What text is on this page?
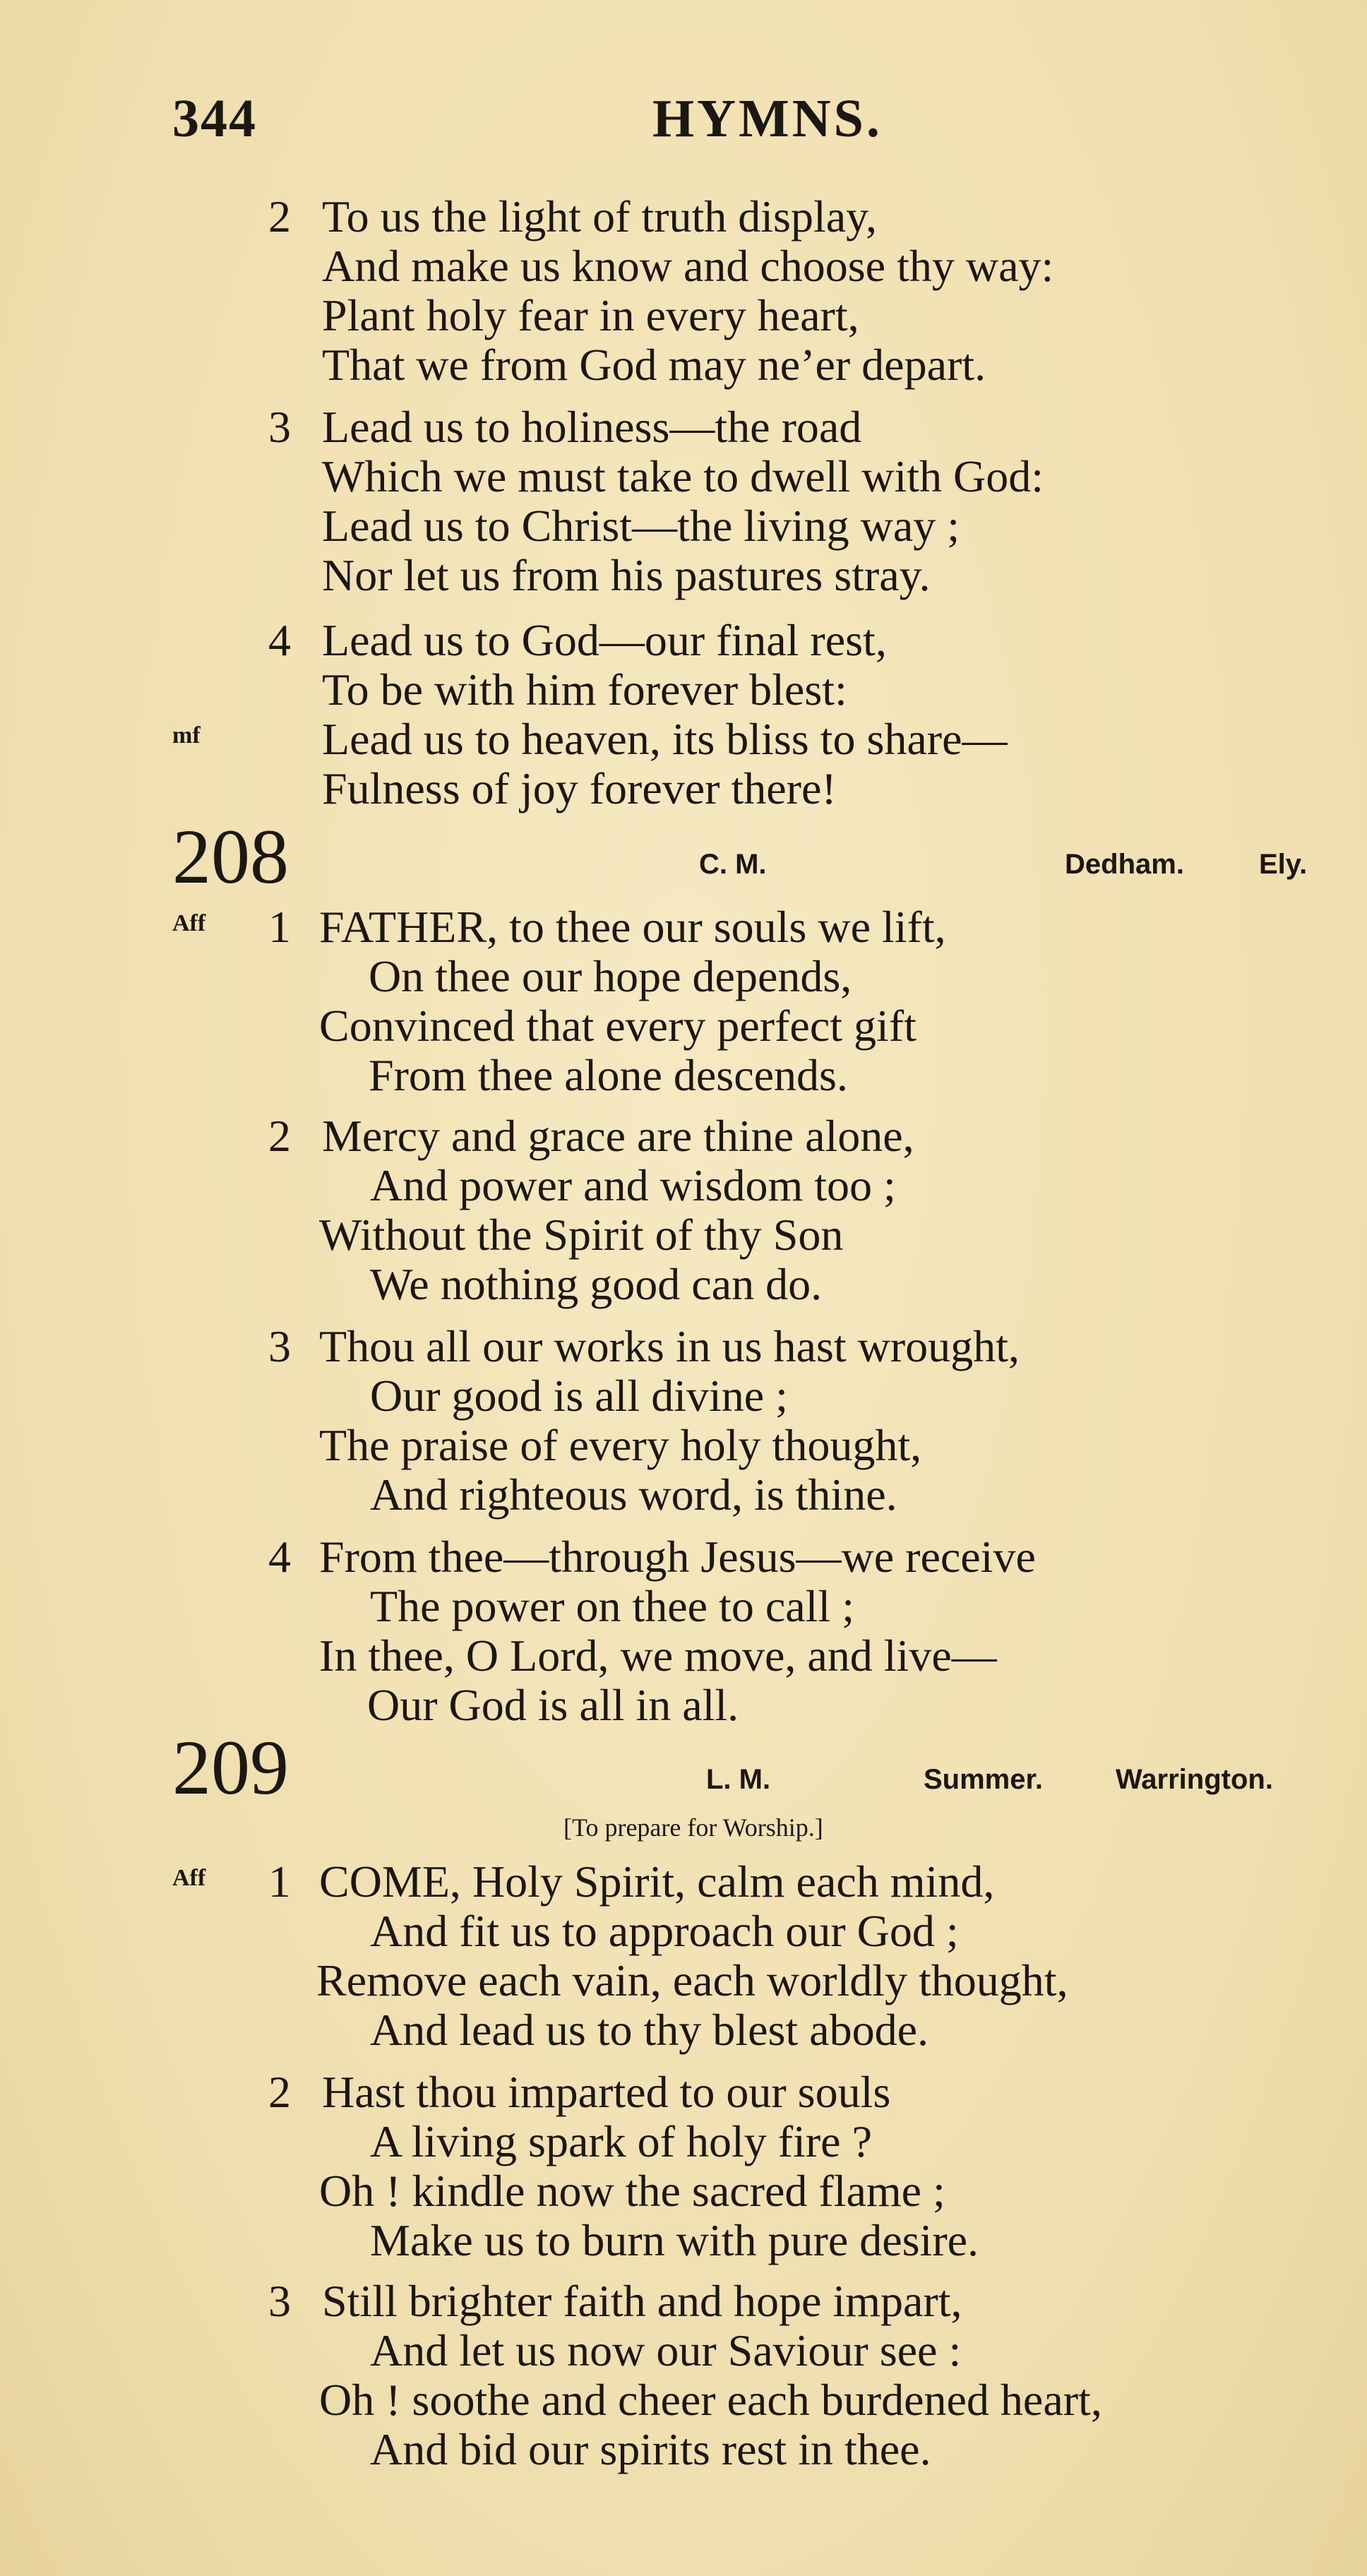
344	HYMNS.
2 To us the light of truth display,
And make us know and choose thy way:
Plant holy fear in every heart,
That we from God may ne’er depart.
3 Lead us to holiness—the road
Which we must take to dwell with God:
Lead us to Christ—the living way ;
Nor let us from his pastures stray.
4 Lead us to God—our final rest,
To be with him forever blest:
mf	Lead us to heaven, its bliss to share—
Fulness of joy forever there!
208	C. M.	Dedham.	Ely.
Aff 1 FATHER, to thee our souls we lift,
On thee our hope depends,
Convinced that every perfect gift
From thee alone descends.
2 Mercy and grace are thine alone,
And power and wisdom too ;
Without the Spirit of thy Son
We nothing good can do.
3 Thou all our works in us hast wrought,
Our good is all divine ;
The praise of every holy thought,
And righteous word, is thine.
4 From thee—through Jesus—we receive
The power on thee to call ;
In thee, O Lord, we move, and live—
Our God is all in all.
209	L. M.	Summer.	Warrington.
[To prepare for Worship.]
Aff 1 COME, Holy Spirit, calm each mind,
And fit us to approach our God ;
Remove each vain, each worldly thought,
And lead us to thy blest abode.
2 Hast thou imparted to our souls
A living spark of holy fire ?
Oh ! kindle now the sacred flame ;
Make us to burn with pure desire.
3 Still brighter faith and hope impart,
And let us now our Saviour see :
Oh ! soothe and cheer each burdened heart,
And bid our spirits rest in thee.
